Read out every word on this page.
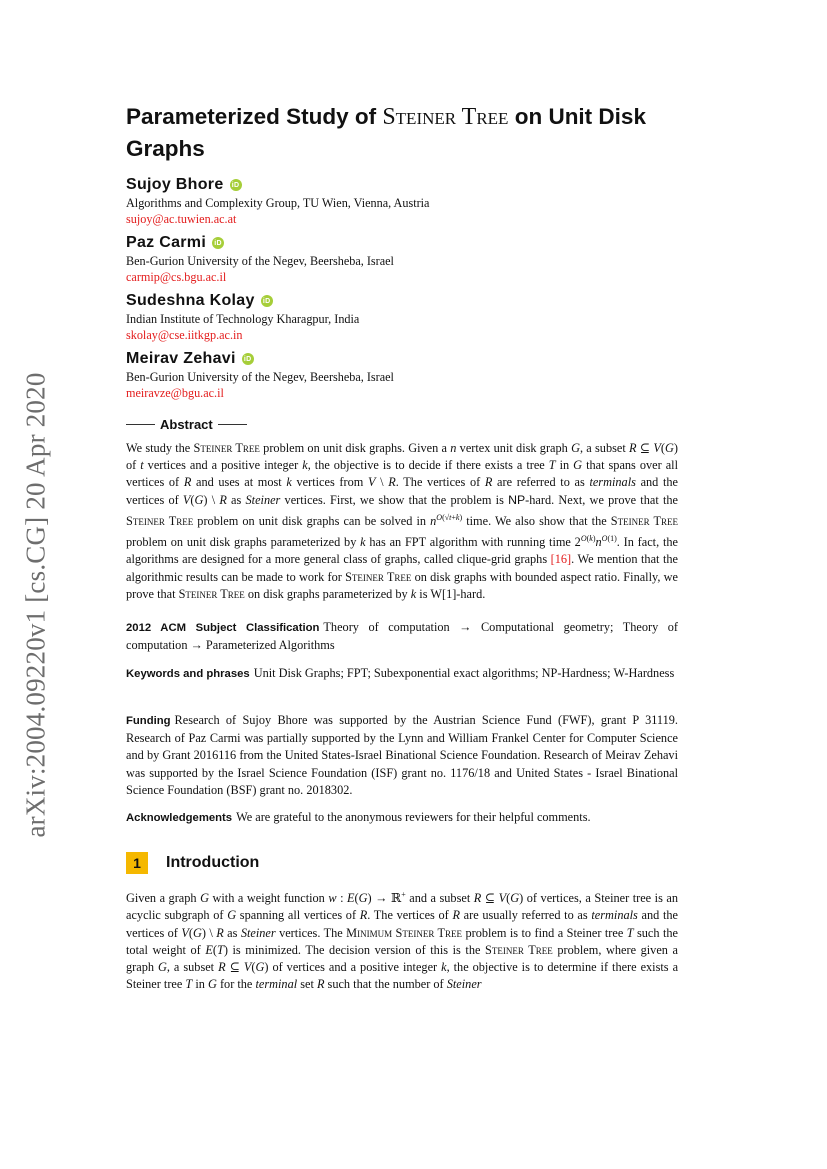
arXiv:2004.09220v1 [cs.CG] 20 Apr 2020
Parameterized Study of Steiner Tree on Unit Disk Graphs
Sujoy Bhore	iD
Algorithms and Complexity Group, TU Wien, Vienna, Austria
sujoy@ac.tuwien.ac.at
Paz Carmi	iD
Ben-Gurion University of the Negev, Beersheba, Israel
carmip@cs.bgu.ac.il
Sudeshna Kolay	iD
Indian Institute of Technology Kharagpur, India
skolay@cse.iitkgp.ac.in
Meirav Zehavi	iD
Ben-Gurion University of the Negev, Beersheba, Israel
meiravze@bgu.ac.il
Abstract
We study the Steiner Tree problem on unit disk graphs. Given a n vertex unit disk graph G, a subset R ⊆ V(G) of t vertices and a positive integer k, the objective is to decide if there exists a tree T in G that spans over all vertices of R and uses at most k vertices from V \ R. The vertices of R are referred to as terminals and the vertices of V(G) \ R as Steiner vertices. First, we show that the problem is NP-hard. Next, we prove that the Steiner Tree problem on unit disk graphs can be solved in $n^{O(√t+k)}$ time. We also show that the Steiner Tree problem on unit disk graphs parameterized by k has an FPT algorithm with running time $2^{O(k)}n^{O(1)}$. In fact, the algorithms are designed for a more general class of graphs, called clique-grid graphs [16]. We mention that the algorithmic results can be made to work for Steiner Tree on disk graphs with bounded aspect ratio. Finally, we prove that Steiner Tree on disk graphs parameterized by k is W[1]-hard.
2012 ACM Subject Classification Theory of computation → Computational geometry; Theory of computation → Parameterized Algorithms
Keywords and phrases Unit Disk Graphs; FPT; Subexponential exact algorithms; NP-Hardness; W-Hardness
Funding Research of Sujoy Bhore was supported by the Austrian Science Fund (FWF), grant P 31119. Research of Paz Carmi was partially supported by the Lynn and William Frankel Center for Computer Science and by Grant 2016116 from the United States-Israel Binational Science Foundation. Research of Meirav Zehavi was supported by the Israel Science Foundation (ISF) grant no. 1176/18 and United States - Israel Binational Science Foundation (BSF) grant no. 2018302.
Acknowledgements We are grateful to the anonymous reviewers for their helpful comments.
1	Introduction
Given a graph G with a weight function w : E(G) → ℝ+ and a subset R ⊆ V(G) of vertices, a Steiner tree is an acyclic subgraph of G spanning all vertices of R. The vertices of R are usually referred to as terminals and the vertices of V(G) \ R as Steiner vertices. The Minimum Steiner Tree problem is to find a Steiner tree T such the total weight of E(T) is minimized. The decision version of this is the Steiner Tree problem, where given a graph G, a subset R ⊆ V(G) of vertices and a positive integer k, the objective is to determine if there exists a Steiner tree T in G for the terminal set R such that the number of Steiner
